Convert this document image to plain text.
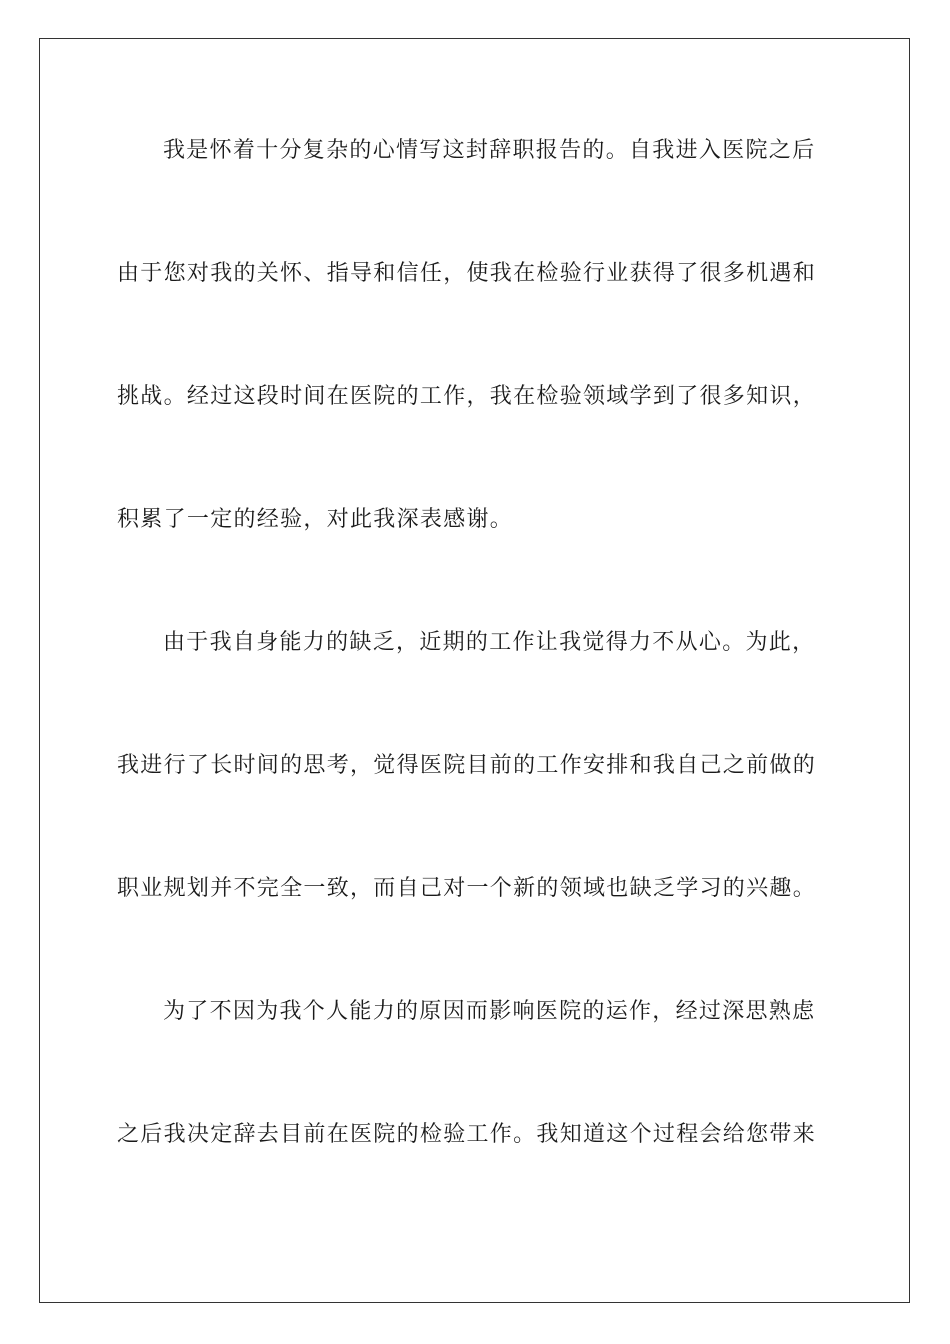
我是怀着十分复杂的心情写这封辞职报告的。自我进入医院之后
由于您对我的关怀、指导和信任，使我在检验行业获得了很多机遇和
挑战。经过这段时间在医院的工作，我在检验领域学到了很多知识，
积累了一定的经验，对此我深表感谢。
由于我自身能力的缺乏，近期的工作让我觉得力不从心。为此，
我进行了长时间的思考，觉得医院目前的工作安排和我自己之前做的
职业规划并不完全一致，而自己对一个新的领域也缺乏学习的兴趣。
为了不因为我个人能力的原因而影响医院的运作，经过深思熟虑
之后我决定辞去目前在医院的检验工作。我知道这个过程会给您带来
